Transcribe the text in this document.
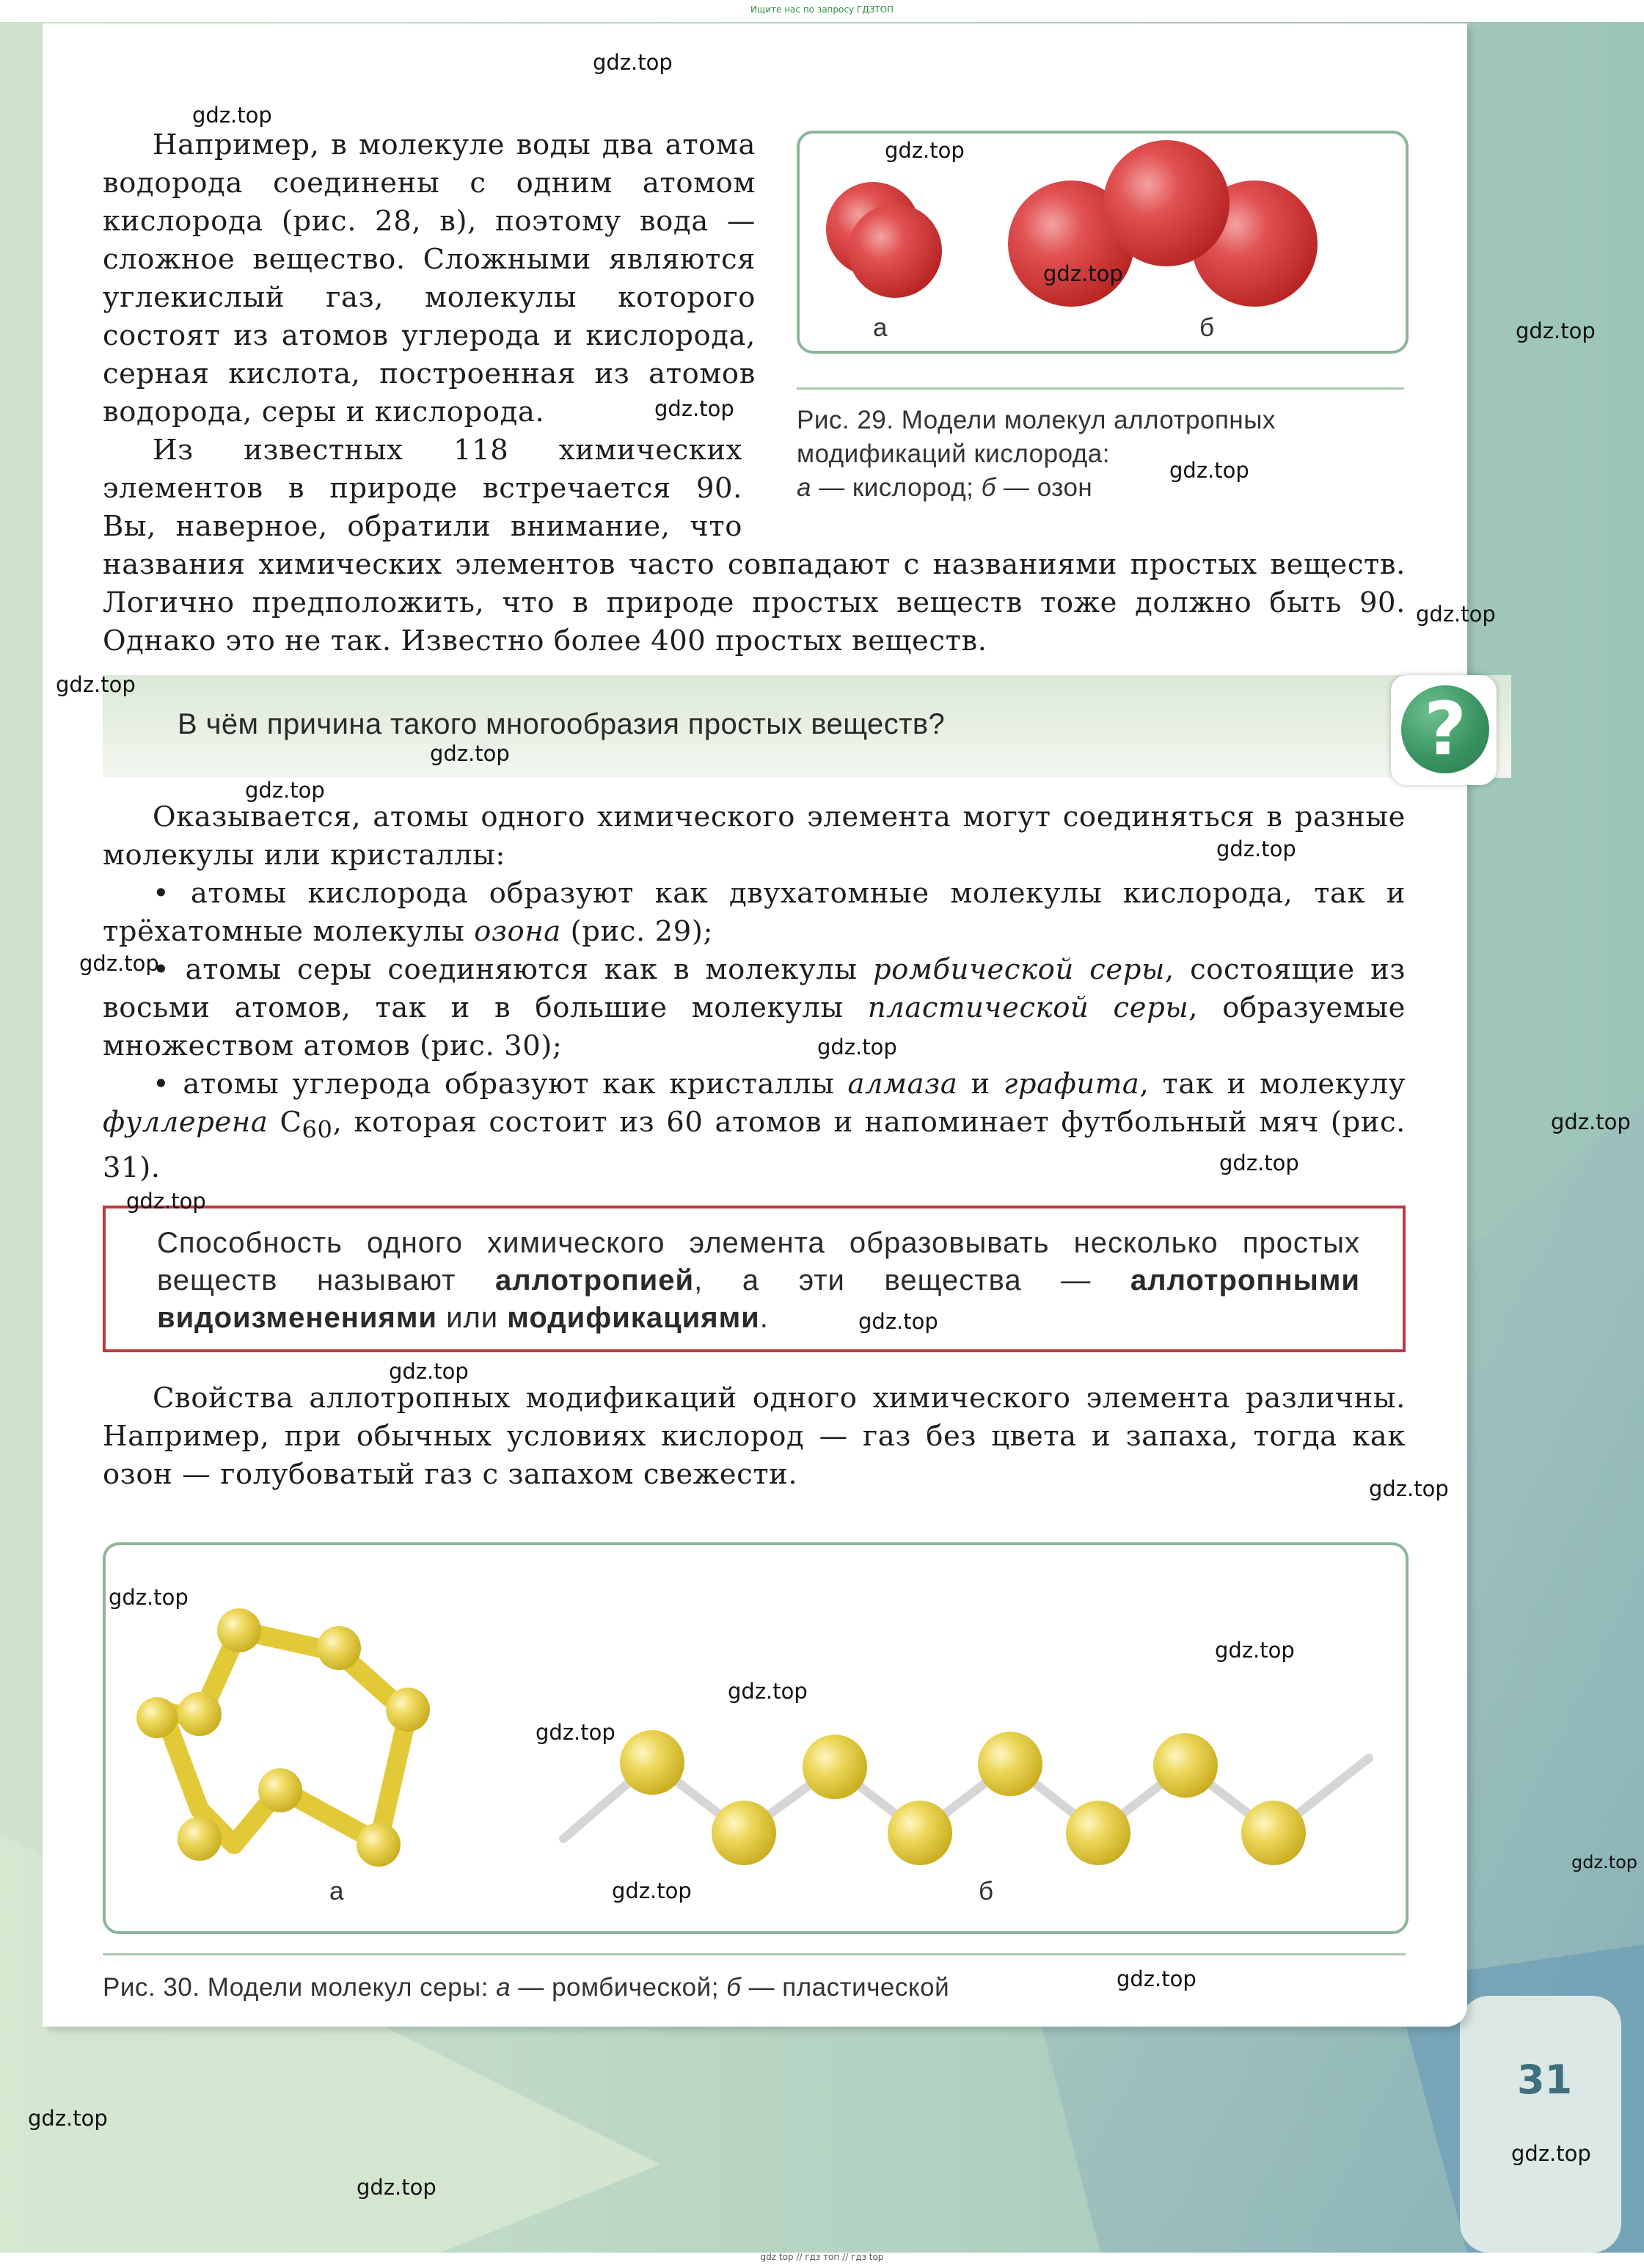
Ищите нас по запросу ГДЗТОП

Например, в молекуле воды два атома водорода соединены с одним атомом кислорода (рис. 28, в), поэтому вода — сложное вещество. Сложными являются углекислый газ, молекулы которого состоят из атомов углерода и кислорода, серная кислота, построенная из атомов водорода, серы и кислорода.

а	б
Рис. 29. Модели молекул аллотропных
модификаций кислорода:
а — кислород; б — озон

Из известных 118 химических элементов в природе встречается 90. Вы, наверное, обратили внимание, что названия химических элементов часто совпадают с названиями простых веществ. Логично предположить, что в природе простых веществ тоже должно быть 90. Однако это не так. Известно более 400 простых веществ.

В чём причина такого многообразия простых веществ?	?

Оказывается, атомы одного химического элемента могут соединяться в разные молекулы или кристаллы:

• атомы кислорода образуют как двухатомные молекулы кислорода, так и трёхатомные молекулы озона (рис. 29);

• атомы серы соединяются как в молекулы ромбической серы, состоящие из восьми атомов, так и в большие молекулы пластической серы, образуемые множеством атомов (рис. 30);

• атомы углерода образуют как кристаллы алмаза и графита, так и молекулу фуллерена $C_{60}$, которая состоит из 60 атомов и напоминает футбольный мяч (рис. 31).

Способность одного химического элемента образовывать несколько простых веществ называют аллотропией, а эти вещества — аллотропными видоизменениями или модификациями.

Свойства аллотропных модификаций одного химического элемента различны. Например, при обычных условиях кислород — газ без цвета и запаха, тогда как озон — голубоватый газ с запахом свежести.

а	б
Рис. 30. Модели молекул серы: а — ромбической; б — пластической
31
gdz.top
gdz.top
gdz.top
gdz.top
gdz.top
gdz.top
gdz.top
gdz.top
gdz.top
gdz.top
gdz.top
gdz.top
gdz.top
gdz.top
gdz.top
gdz.top
gdz.top
gdz.top
gdz.top
gdz.top
gdz.top
gdz.top
gdz.top
gdz.top
gdz.top
gdz.top
gdz.top
gdz.top
gdz.top
gdz.top
gdz top // гдз топ // гдз top
